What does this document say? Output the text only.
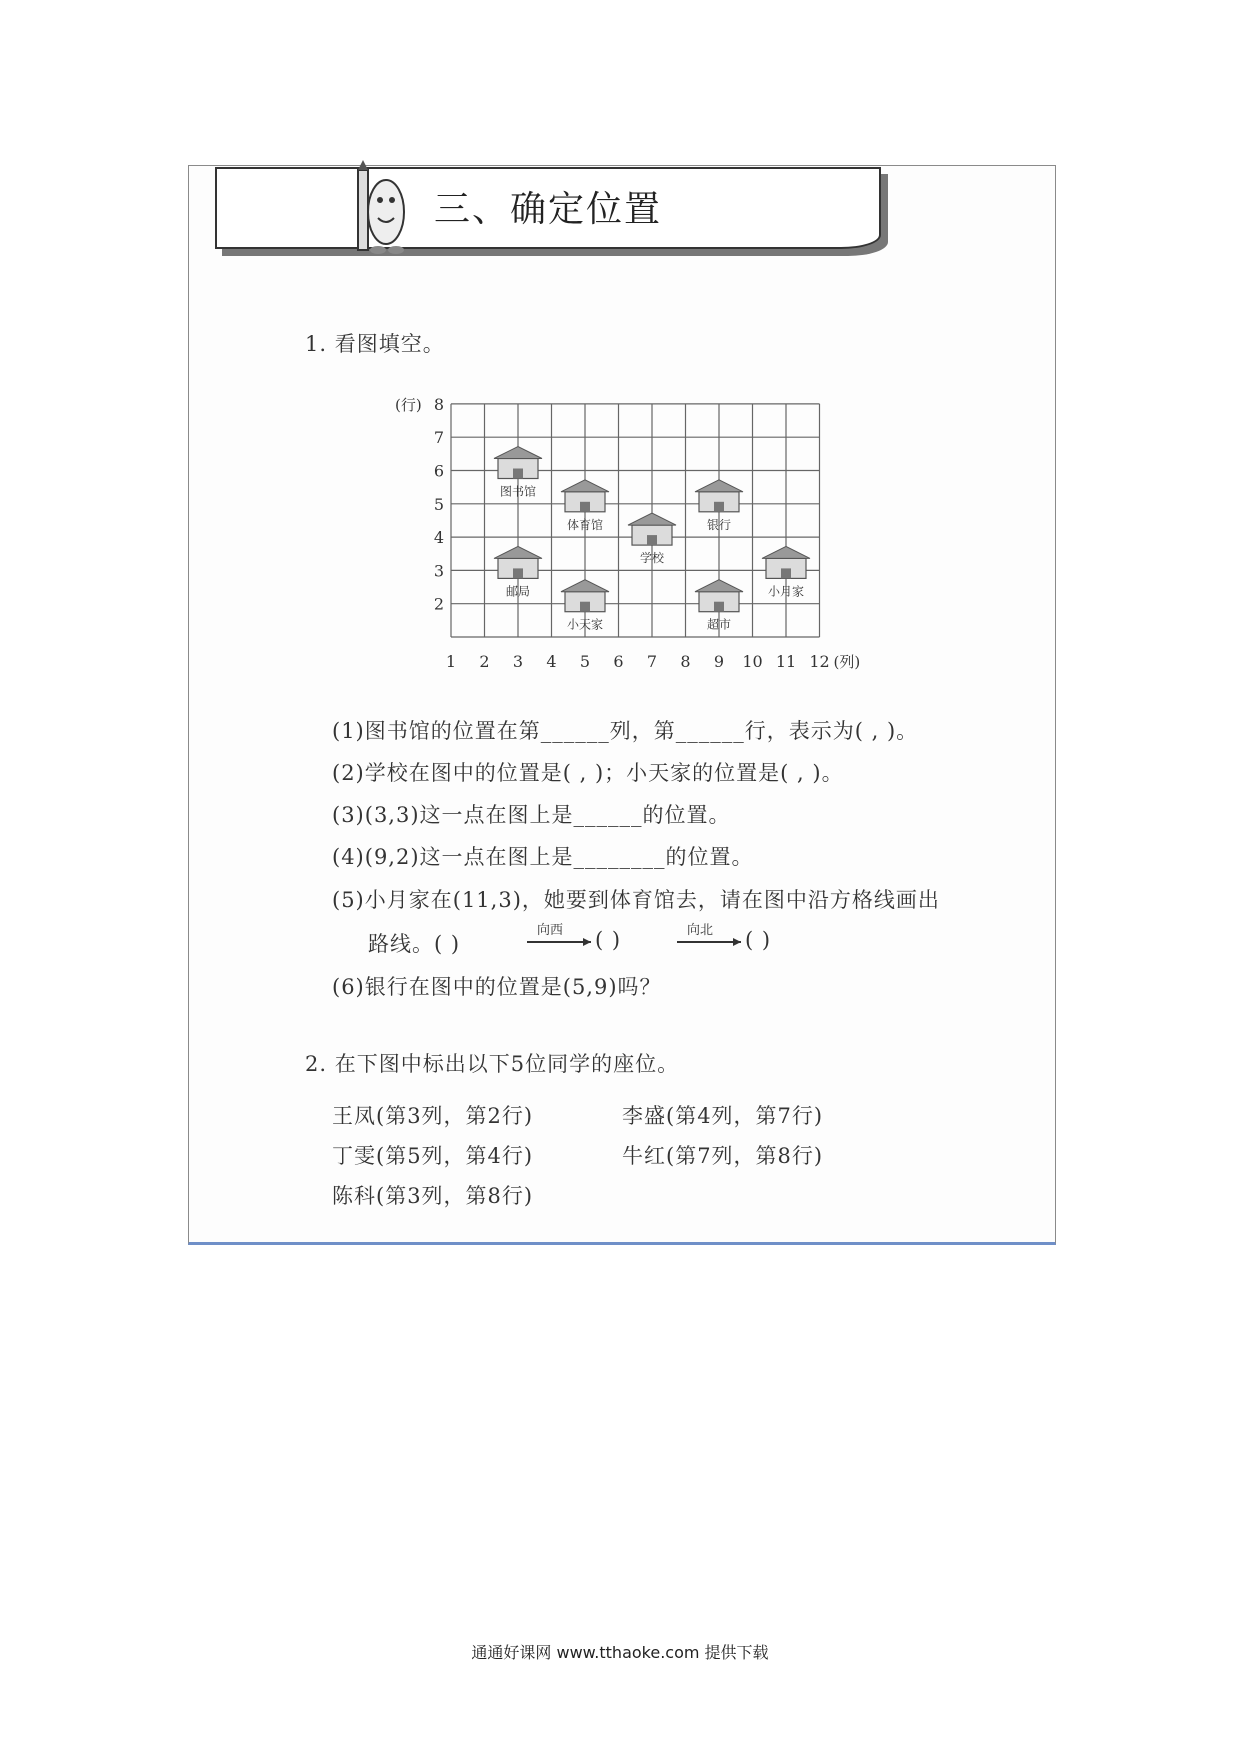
三、确定位置
1. 看图填空。
2
3
4
5
6
7
8
(行)
1 2 3 4 5 6 7 8 9 10 11 12 (列)
图书馆
体育馆
学校
银行
邮局
小天家	超市
小月家
(1)图书馆的位置在第______列，第______行，表示为( , )。
(2)学校在图中的位置是( , )；小天家的位置是( , )。
(3)(3,3)这一点在图上是______的位置。
(4)(9,2)这一点在图上是________的位置。
(5)小月家在(11,3)，她要到体育馆去，请在图中沿方格线画出
路线。( )
向西 ( )	向北 ( )
(6)银行在图中的位置是(5,9)吗？
2. 在下图中标出以下5位同学的座位。
王凤(第3列，第2行)	李盛(第4列，第7行)
丁雯(第5列，第4行)	牛红(第7列，第8行)
陈科(第3列，第8行)
通通好课网 www.tthaoke.com 提供下载
